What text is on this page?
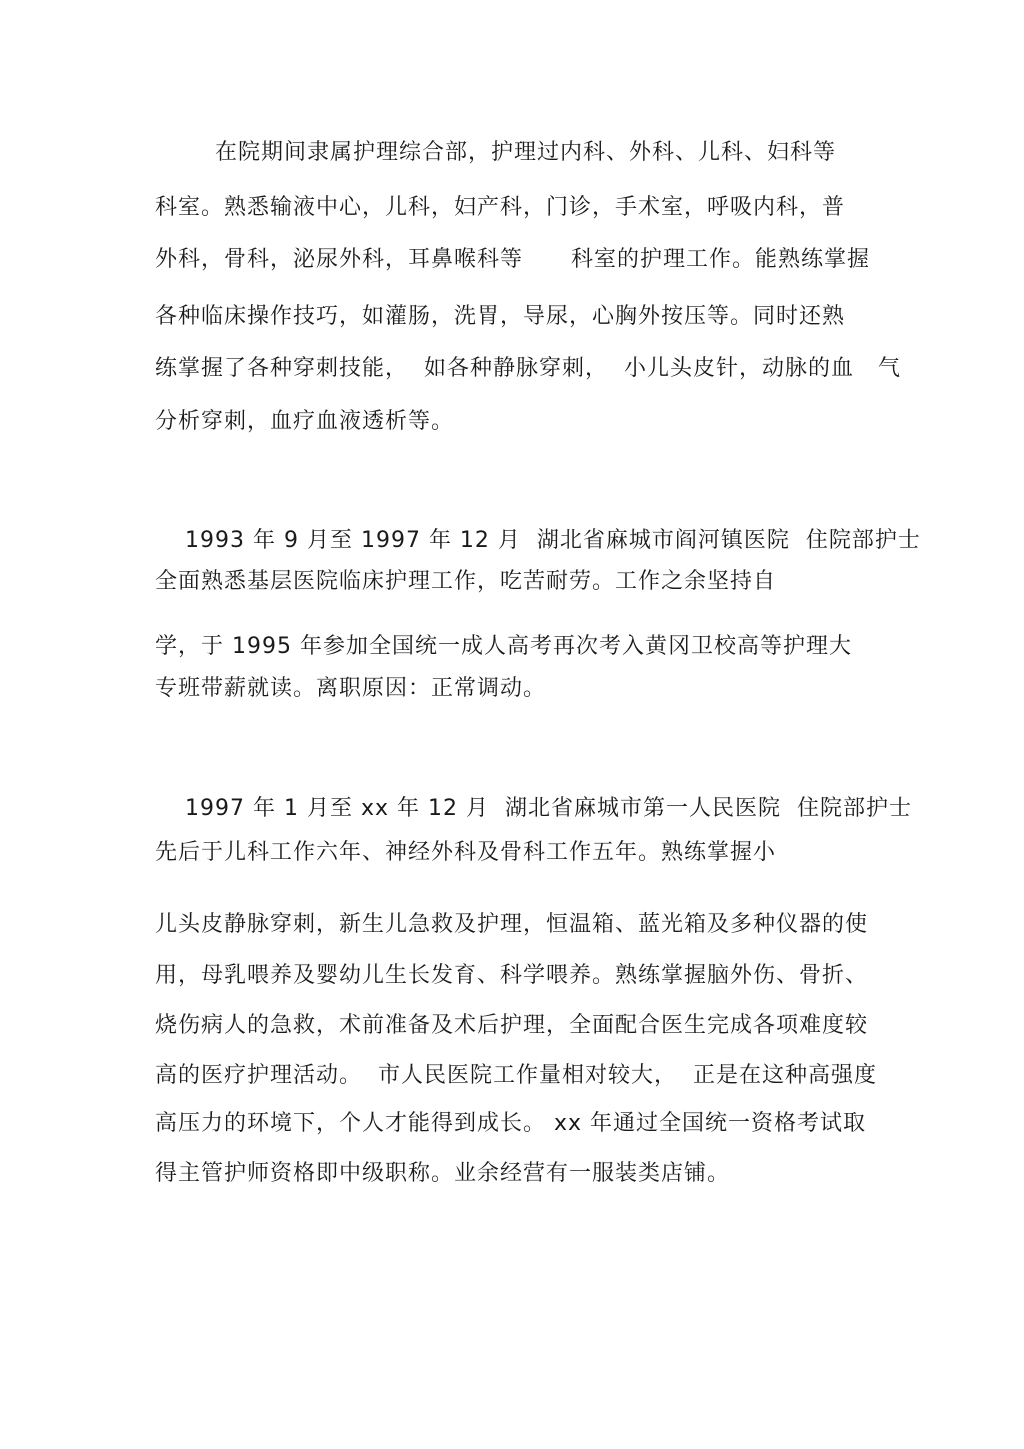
在院期间隶属护理综合部，护理过内科、外科、儿科、妇科等
科室。熟悉输液中心，儿科，妇产科，门诊，手术室，呼吸内科，普
外科，骨科，泌尿外科，耳鼻喉科等      科室的护理工作。能熟练掌握
各种临床操作技巧，如灌肠，洗胃，导尿，心胸外按压等。同时还熟
练掌握了各种穿刺技能，  如各种静脉穿刺，  小儿头皮针，动脉的血   气
分析穿刺，血疗血液透析等。
1993 年 9 月至 1997 年 12 月  湖北省麻城市阎河镇医院  住院部护士
全面熟悉基层医院临床护理工作，吃苦耐劳。工作之余坚持自
学，于 1995 年参加全国统一成人高考再次考入黄冈卫校高等护理大
专班带薪就读。离职原因：正常调动。
1997 年 1 月至 xx 年 12 月  湖北省麻城市第一人民医院  住院部护士
先后于儿科工作六年、神经外科及骨科工作五年。熟练掌握小
儿头皮静脉穿刺，新生儿急救及护理，恒温箱、蓝光箱及多种仪器的使
用，母乳喂养及婴幼儿生长发育、科学喂养。熟练掌握脑外伤、骨折、
烧伤病人的急救，术前准备及术后护理，全面配合医生完成各项难度较
高的医疗护理活动。  市人民医院工作量相对较大，  正是在这种高强度
高压力的环境下，个人才能得到成长。 xx 年通过全国统一资格考试取
得主管护师资格即中级职称。业余经营有一服装类店铺。
